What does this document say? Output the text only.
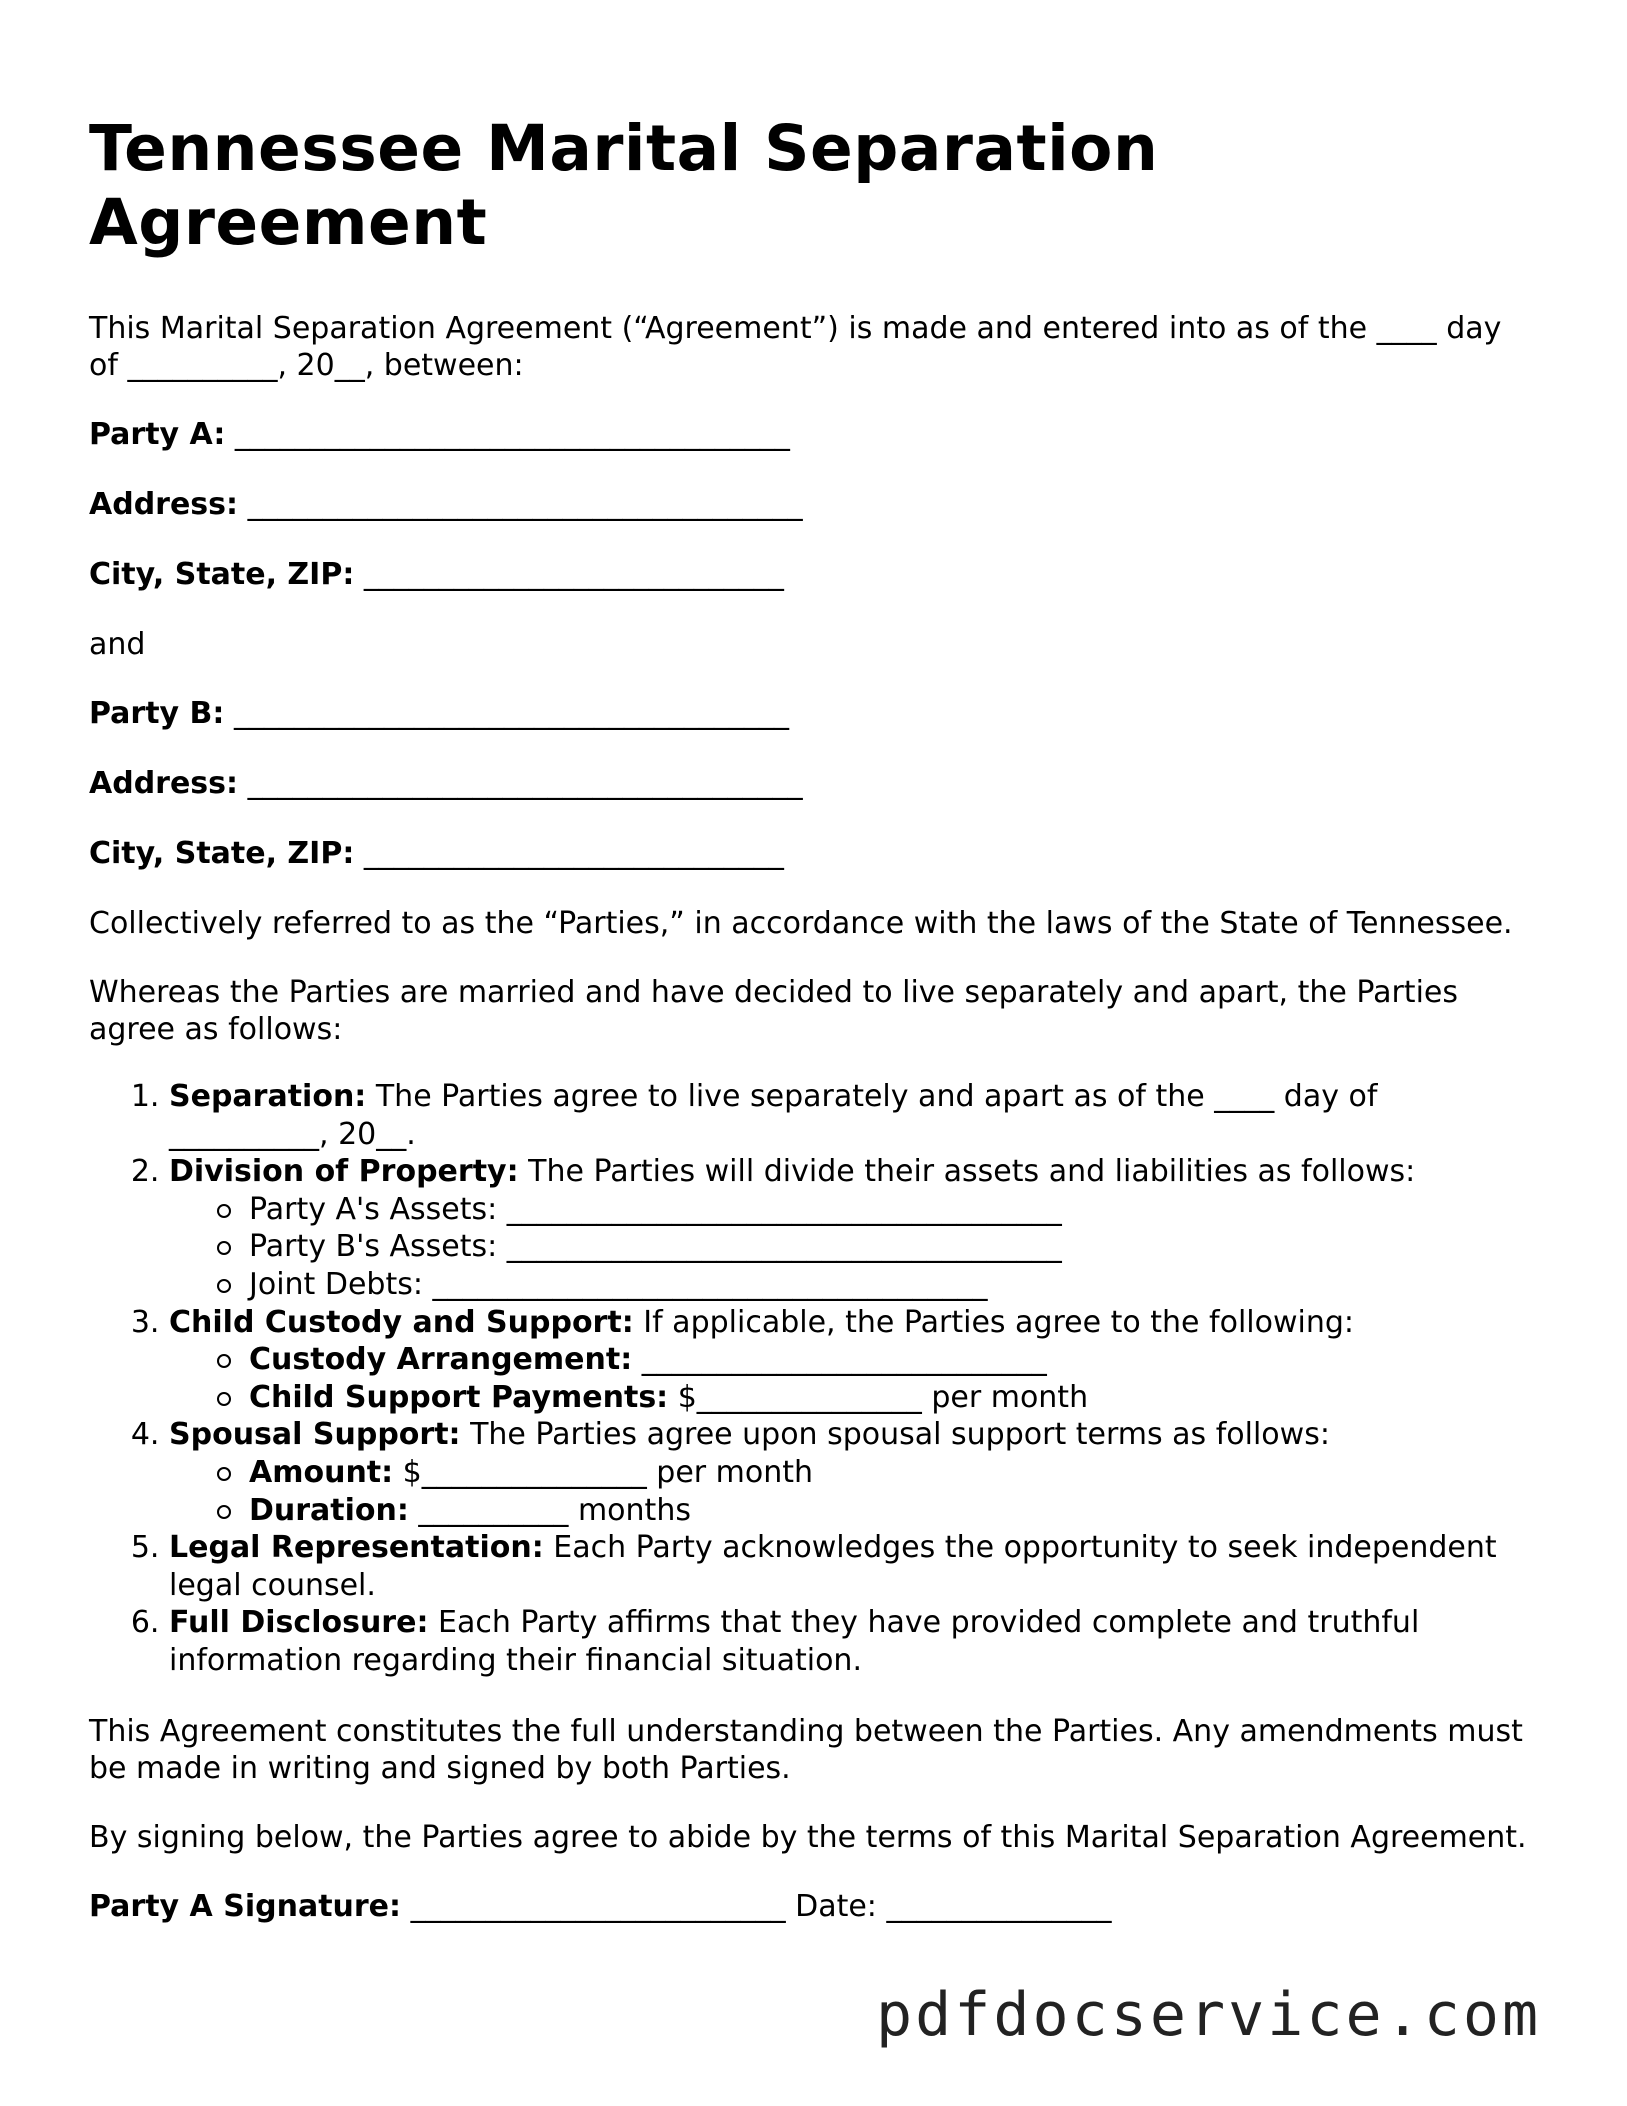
Tennessee Marital Separation Agreement

This Marital Separation Agreement (“Agreement”) is made and entered into as of the ____ day of __________, 20__, between:

Party A: _____________________________________
Address: _____________________________________
City, State, ZIP: ____________________________

and

Party B: _____________________________________
Address: _____________________________________
City, State, ZIP: ____________________________

Collectively referred to as the “Parties,” in accordance with the laws of the State of Tennessee.

Whereas the Parties are married and have decided to live separately and apart, the Parties agree as follows:

1. Separation: The Parties agree to live separately and apart as of the ____ day of __________, 20__.
2. Division of Property: The Parties will divide their assets and liabilities as follows:
Party A's Assets: _____________________________________
Party B's Assets: _____________________________________
Joint Debts: _____________________________________
3. Child Custody and Support: If applicable, the Parties agree to the following:
Custody Arrangement: ___________________________
Child Support Payments: $_______________ per month
4. Spousal Support: The Parties agree upon spousal support terms as follows:
Amount: $_______________ per month
Duration: __________ months
5. Legal Representation: Each Party acknowledges the opportunity to seek independent legal counsel.
6. Full Disclosure: Each Party affirms that they have provided complete and truthful information regarding their financial situation.

This Agreement constitutes the full understanding between the Parties. Any amendments must be made in writing and signed by both Parties.

By signing below, the Parties agree to abide by the terms of this Marital Separation Agreement.

Party A Signature: _________________________ Date: _______________
pdfdocservice.com
